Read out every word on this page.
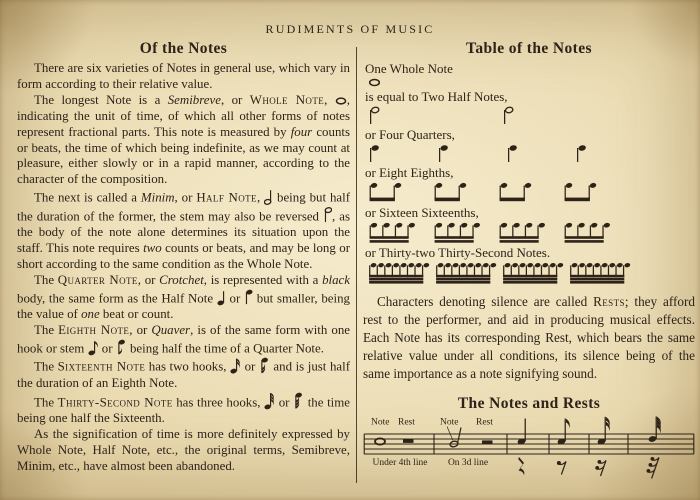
RUDIMENTS OF MUSIC
Of the Notes

There are six varieties of Notes in general use, which vary in form according to their relative value.

The longest Note is a Semibreve, or Whole Note, , indicating the unit of time, of which all other forms of notes represent fractional parts. This note is measured by four counts or beats, the time of which being indefinite, as we may count at pleasure, either slowly or in a rapid manner, according to the character of the composition.

The next is called a Minim, or Half Note,  being but half the duration of the former, the stem may also be reversed , as the body of the note alone determines its situation upon the staff. This note requires two counts or beats, and may be long or short according to the same condition as the Whole Note.

The Quarter Note, or Crotchet, is represented with a black body, the same form as the Half Note  or  but smaller, being the value of one beat or count.

The Eighth Note, or Quaver, is of the same form with one hook or stem  or  being half the time of a Quarter Note.

The Sixteenth Note has two hooks,  or  and is just half the duration of an Eighth Note.

The Thirty-Second Note has three hooks,  or  the time being one half the Sixteenth.

As the signification of time is more definitely expressed by Whole Note, Half Note, etc., the original terms, Semibreve, Minim, etc., have almost been abandoned.

Table of the Notes
One Whole Note
is equal to Two Half Notes,
or Four Quarters,
or Eight Eighths,
or Sixteen Sixteenths,
or Thirty-two Thirty-Second Notes.

Characters denoting silence are called Rests; they afford rest to the performer, and aid in producing musical effects. Each Note has its corresponding Rest, which bears the same relative value under all conditions, its silence being of the same importance as a note signifying sound.

The Notes and Rests
Note Rest	Note Rest
Under 4th line On 3d line
